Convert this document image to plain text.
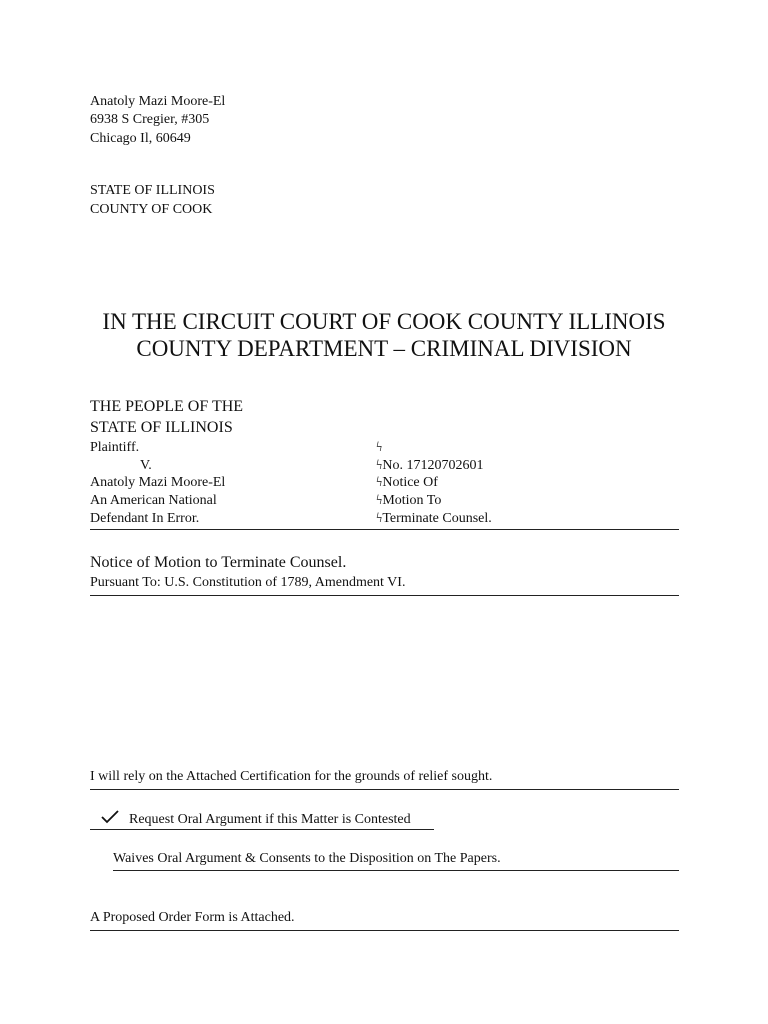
Anatoly Mazi Moore-El
6938 S Cregier, #305
Chicago Il, 60649
STATE OF ILLINOIS
COUNTY OF COOK
IN THE CIRCUIT COURT OF COOK COUNTY ILLINOIS
COUNTY DEPARTMENT – CRIMINAL DIVISION
THE PEOPLE OF THE
STATE OF ILLINOIS
Plaintiff.
V.
Anatoly Mazi Moore-El
An American National
Defendant In Error.
ϟ
ϟNo. 17120702601
ϟNotice Of
ϟMotion To
ϟTerminate Counsel.
Notice of Motion to Terminate Counsel.
Pursuant To: U.S. Constitution of 1789, Amendment VI.
I will rely on the Attached Certification for the grounds of relief sought.
Request Oral Argument if this Matter is Contested
Waives Oral Argument & Consents to the Disposition on The Papers.
A Proposed Order Form is Attached.
